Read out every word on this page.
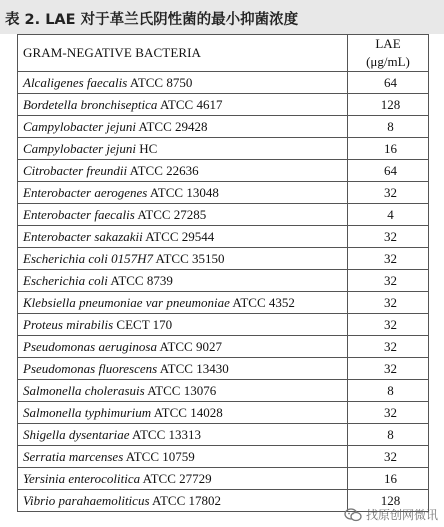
表 2. LAE 对于革兰氏阴性菌的最小抑菌浓度
GRAM-NEGATIVE BACTERIA	LAE
(μg/mL)

Alcaligenes faecalis ATCC 8750	64
Bordetella bronchiseptica ATCC 4617	128
Campylobacter jejuni ATCC 29428	8
Campylobacter jejuni HC	16
Citrobacter freundii ATCC 22636	64
Enterobacter aerogenes ATCC 13048	32
Enterobacter faecalis ATCC 27285	4
Enterobacter sakazakii ATCC 29544	32
Escherichia coli 0157H7 ATCC 35150	32
Escherichia coli ATCC 8739	32
Klebsiella pneumoniae var pneumoniae ATCC 4352	32
Proteus mirabilis CECT 170	32
Pseudomonas aeruginosa ATCC 9027	32
Pseudomonas fluorescens ATCC 13430	32
Salmonella cholerasuis ATCC 13076	8
Salmonella typhimurium ATCC 14028	32
Shigella dysentariae ATCC 13313	8
Serratia marcenses ATCC 10759	32
Yersinia enterocolitica ATCC 27729	16
Vibrio parahaemoliticus ATCC 17802	128
找原创网微讯
